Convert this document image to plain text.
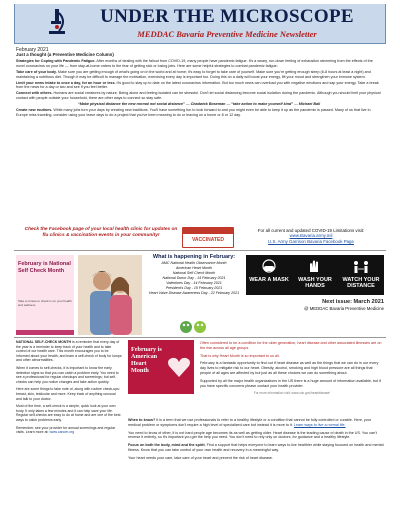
UNDER THE MICROSCOPE
MEDDAC Bavaria Preventive Medicine Newsletter
February 2021

Just a thought (a Preventive Medicine Column)

Strategies for Coping with Pandemic Fatigue. After months of dealing with the fallout from COVID-19, many people have pandemic fatigue. It's a weary, run-down feeling of exhaustion stemming from the effects of the novel coronavirus on your life — from stay-at-home orders to the fear of getting sick or losing jobs. Here are some helpful strategies to combat pandemic fatigue:

Take care of your body. Make sure you are getting enough of what's going on in the world and at home; it's easy to forget to take care of yourself. Make sure you're getting enough sleep (6-8 hours at least a night) and maintaining a nutritious diet. Though it may be difficult to manage the motivation, exercising every day is important too. Doing this on a daily will boost your energy, lift your mood and strengthen your immune system.

Limit your news intake to once a day, for an hour or less. It's good to stay up to date on the latest coronavirus information. But too much news can overload you with negative emotions and sap your energy. Take a break from the news for a day or two and see if you feel better.

Connect with others. Humans are social creatures by nature. Being alone and feeling isolated can be stressful. Don't let social distancing become social isolation during the pandemic. Although you should limit your physical contact with people outside your household, there are other ways to connect so stay safe.

“Make physical distance the new normal not social distance” — Chadwick Boseman — “take action to make yourself kind” — Michael Ball

Create new routines. While many jobs turn your days by creating new traditions. You'll have something fun to look forward to and you might even be able to keep it up as the pandemic is passed. Many of us that live in Europe miss traveling, consider using your leave days to do a project that you've been meaning to do or leaving on a home or 8 or 12 day.

Check the Facebook page of your local health clinic for updates on flu clinics & vaccination events in your community!
VACCINATED
For all current and updated COVID-19 Limitations visit:
www.Bavaria.army.mil
U.S. Army Garrison Bavaria Facebook Page
February is National Self Check Month
Take a minute to check in on your health and wellness
What is happening in February:
AMC National Health Observance Month
American Heart Month
National Self Check Month
National Donor Day - 14 February 2021
Valentines Day - 14 February 2021
President's Day - 15 February 2021
Heart Valve Disease Awareness Day - 22 February 2021
WEAR A MASK	WASH YOUR HANDS
WATCH YOUR DISTANCE
Next issue: March 2021
@ MEDDAC Bavaria Preventive Medicine

NATIONAL SELF-CHECK MONTH is a reminder that every day of the year is a reminder to keep track of your health and to take control of our health care. This month encourages you to be informed about your health, and learn a self-check of body for lumps and other abnormalities.

When it comes to self-checks, it is important to know the early detection signs so that you can catch a problem early. You need to see a professional for regular checkups and screenings; but self-checks can help you notice changes and take action quickly.

Here are some things to take note of, along with routine check-ups: breast, skin, testicular and more. Keep track of anything unusual and talk to your doctor.

Most of the time, a self-check is a simple, quick look at your own body. It only takes a few minutes and it can help save your life. Regular self-checks are easy to do at home and are one of the best ways to catch problems early.

Remember, see your provider for annual screenings and regular visits. Learn more at: www.cancer.org

February is American Heart Month

Often considered to be a condition for the older generation, heart disease and other associated illnesses are on the rise across all age groups.

That is why Heart Month is so important to us all.

February is a fantastic opportunity to find out if heart disease as well as the things that we can do in our every day lives to mitigate risk to our heart. Obesity, alcohol, smoking and high blood pressure are all things that people of all ages are affected by but just as all these choices we can do something about.

Supported by all the major health organizations in the US there is a huge amount of information available, but if you have specific concerns please contact your health provider.

For more information visit: www.cdc.gov/heartdisease/

When to know? It is a term that we use professionals to refer to a healthy lifestyle or a condition that cannot be fully controlled or curable. Here, your medical problem or symptoms don't require a high level of specialized care but instead it is more to it. Learn ways to live a normal life.

You need to know of other, it is not hard people age becomes its as well as getting older. Heart disease is the leading cause of death in the US. You can't reverse it entirely, so it's important you get the help you need. You don't need to rely only on doctors, for guidance and a healthy lifestyle.

Focus on both the body, mind and the spirit. Find a support that helps everyone to learn ways to live healthier while staying focused on health and mental fitness. Know that you can take control of your own health and recovery in a meaningful way.

Your heart needs your care, take care of your heart and prevent the risk of heart disease.
